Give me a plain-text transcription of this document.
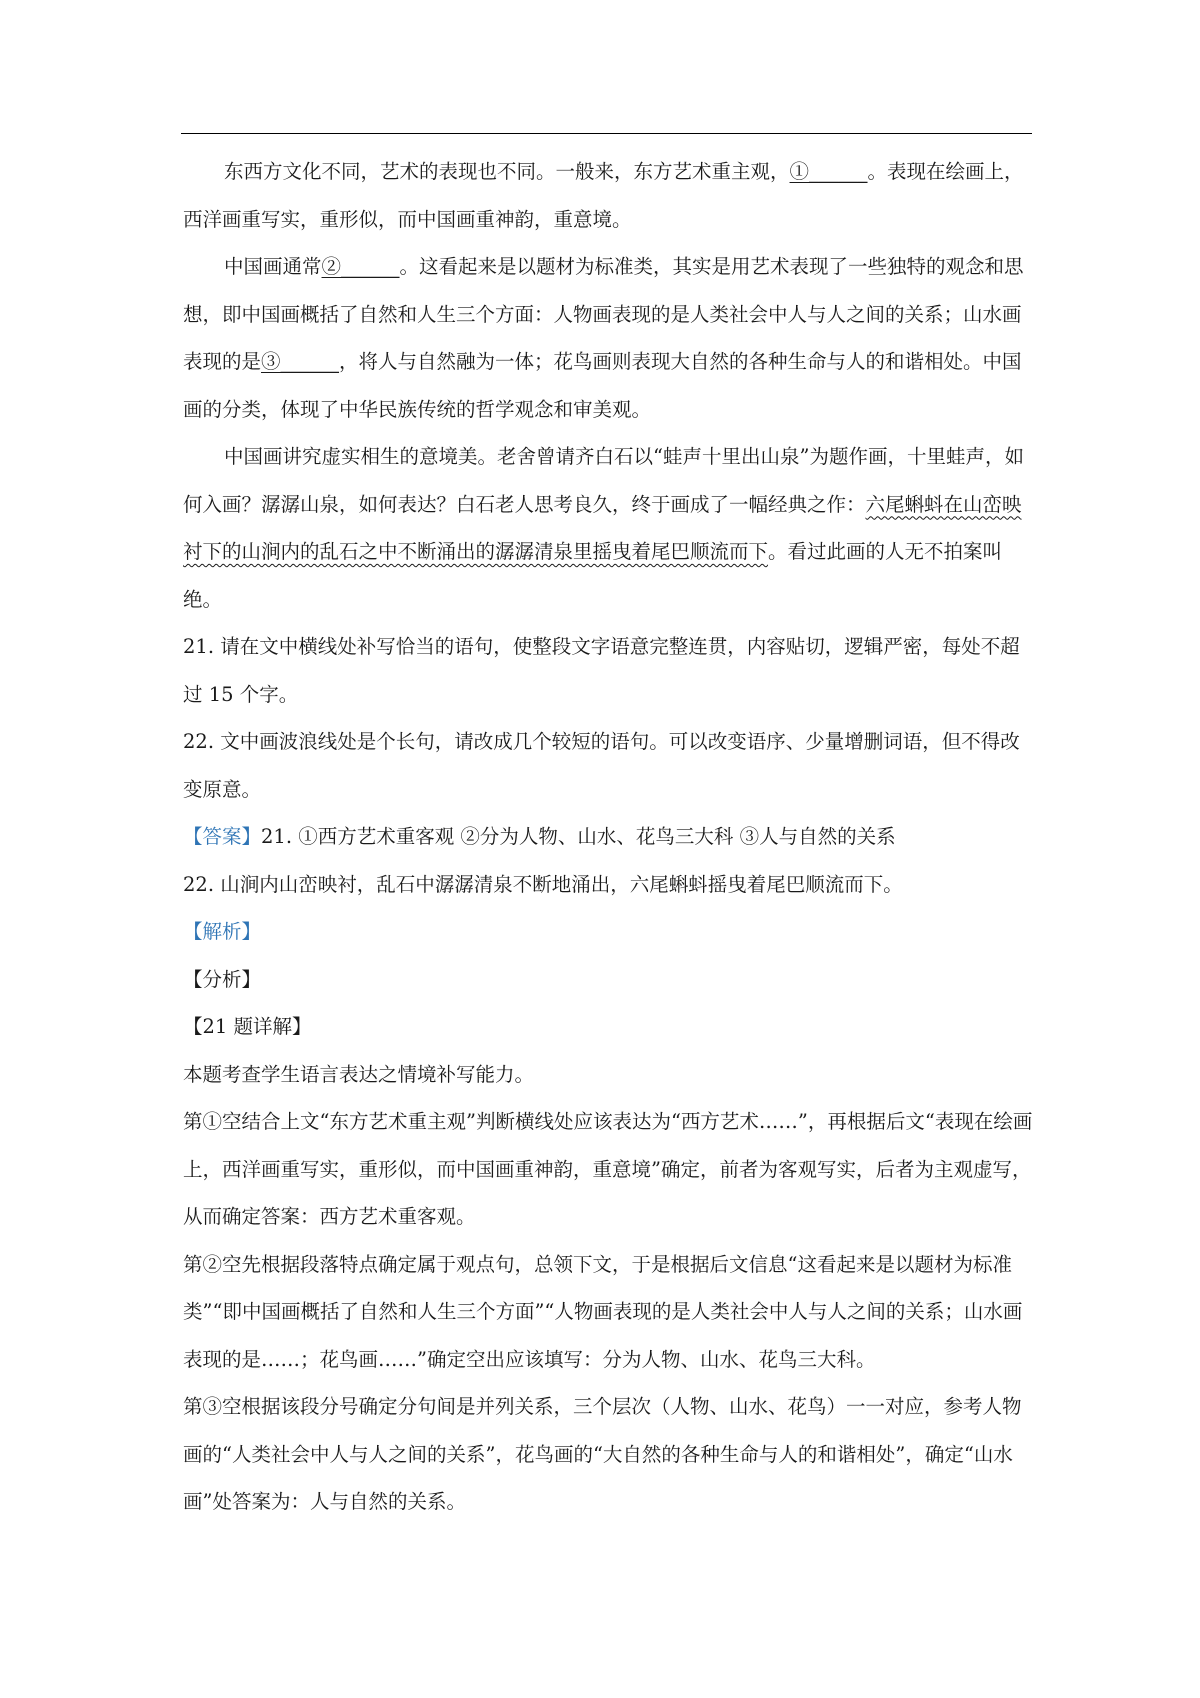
东西方文化不同，艺术的表现也不同。一般来，东方艺术重主观，①______。表现在绘画上，西洋画重写实，重形似，而中国画重神韵，重意境。

中国画通常②______。这看起来是以题材为标准类，其实是用艺术表现了一些独特的观念和思想，即中国画概括了自然和人生三个方面：人物画表现的是人类社会中人与人之间的关系；山水画表现的是③______，将人与自然融为一体；花鸟画则表现大自然的各种生命与人的和谐相处。中国画的分类，体现了中华民族传统的哲学观念和审美观。

中国画讲究虚实相生的意境美。老舍曾请齐白石以“蛙声十里出山泉”为题作画，十里蛙声，如何入画？潺潺山泉，如何表达？白石老人思考良久，终于画成了一幅经典之作：六尾蝌蚪在山峦映衬下的山涧内的乱石之中不断涌出的潺潺清泉里摇曳着尾巴顺流而下。看过此画的人无不拍案叫绝。

21. 请在文中横线处补写恰当的语句，使整段文字语意完整连贯，内容贴切，逻辑严密，每处不超过 15 个字。

22. 文中画波浪线处是个长句，请改成几个较短的语句。可以改变语序、少量增删词语，但不得改变原意。

【答案】21. ①西方艺术重客观 ②分为人物、山水、花鸟三大科 ③人与自然的关系

22. 山涧内山峦映衬，乱石中潺潺清泉不断地涌出，六尾蝌蚪摇曳着尾巴顺流而下。

【解析】

【分析】

【21 题详解】

本题考查学生语言表达之情境补写能力。

第①空结合上文“东方艺术重主观”判断横线处应该表达为“西方艺术……”，再根据后文“表现在绘画上，西洋画重写实，重形似，而中国画重神韵，重意境”确定，前者为客观写实，后者为主观虚写，从而确定答案：西方艺术重客观。

第②空先根据段落特点确定属于观点句，总领下文，于是根据后文信息“这看起来是以题材为标准类”“即中国画概括了自然和人生三个方面”“人物画表现的是人类社会中人与人之间的关系；山水画表现的是……；花鸟画……”确定空出应该填写：分为人物、山水、花鸟三大科。

第③空根据该段分号确定分句间是并列关系，三个层次（人物、山水、花鸟）一一对应，参考人物画的“人类社会中人与人之间的关系”，花鸟画的“大自然的各种生命与人的和谐相处”，确定“山水画”处答案为：人与自然的关系。
